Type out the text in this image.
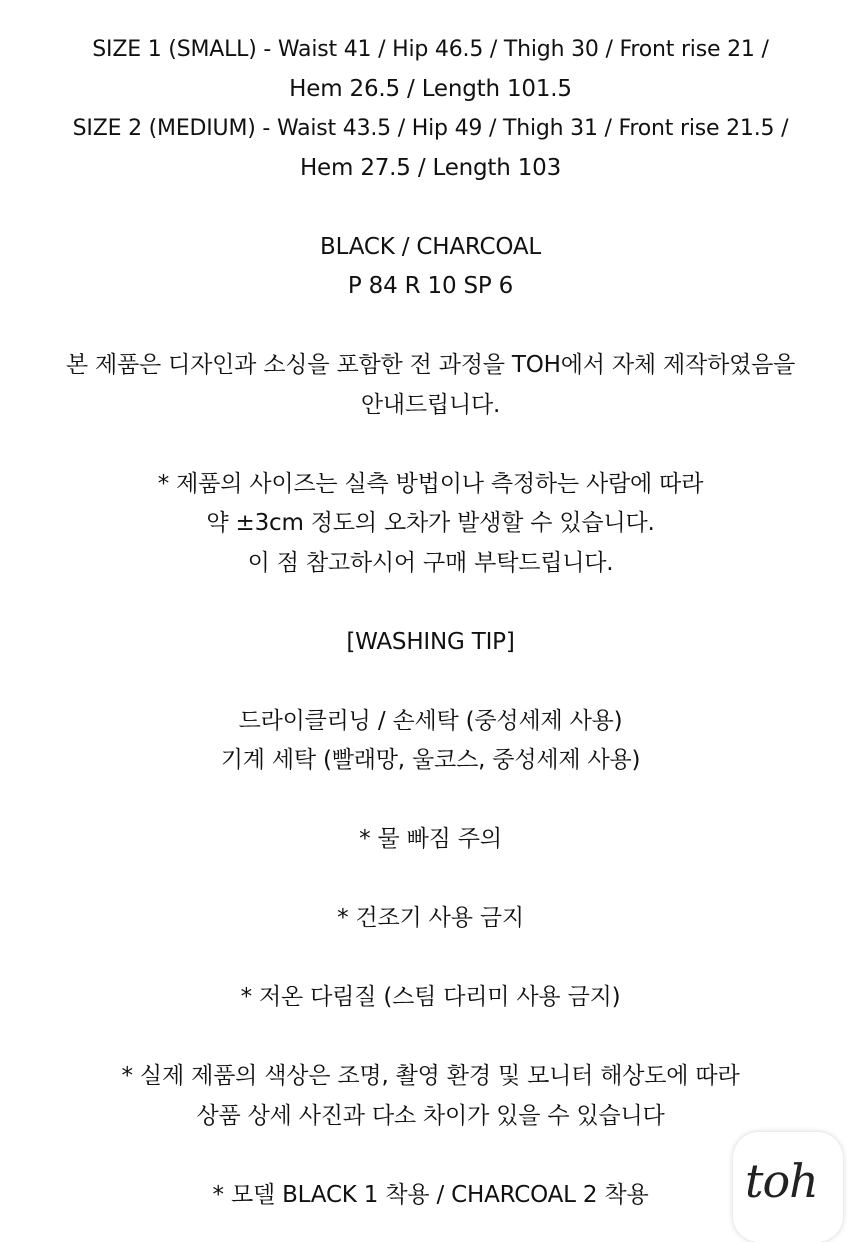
SIZE 1 (SMALL) - Waist 41 / Hip 46.5 / Thigh 30 / Front rise 21 /
Hem 26.5 / Length 101.5
SIZE 2 (MEDIUM) - Waist 43.5 / Hip 49 / Thigh 31 / Front rise 21.5 /
Hem 27.5 / Length 103
BLACK / CHARCOAL
P 84 R 10 SP 6
본 제품은 디자인과 소싱을 포함한 전 과정을 TOH에서 자체 제작하였음을
안내드립니다.
* 제품의 사이즈는 실측 방법이나 측정하는 사람에 따라
약 ±3cm 정도의 오차가 발생할 수 있습니다.
이 점 참고하시어 구매 부탁드립니다.
[WASHING TIP]
드라이클리닝 / 손세탁 (중성세제 사용)
기계 세탁 (빨래망, 울코스, 중성세제 사용)
* 물 빠짐 주의
* 건조기 사용 금지
* 저온 다림질 (스팀 다리미 사용 금지)
* 실제 제품의 색상은 조명, 촬영 환경 및 모니터 해상도에 따라
상품 상세 사진과 다소 차이가 있을 수 있습니다
* 모델 BLACK 1 착용 / CHARCOAL 2 착용	toh
